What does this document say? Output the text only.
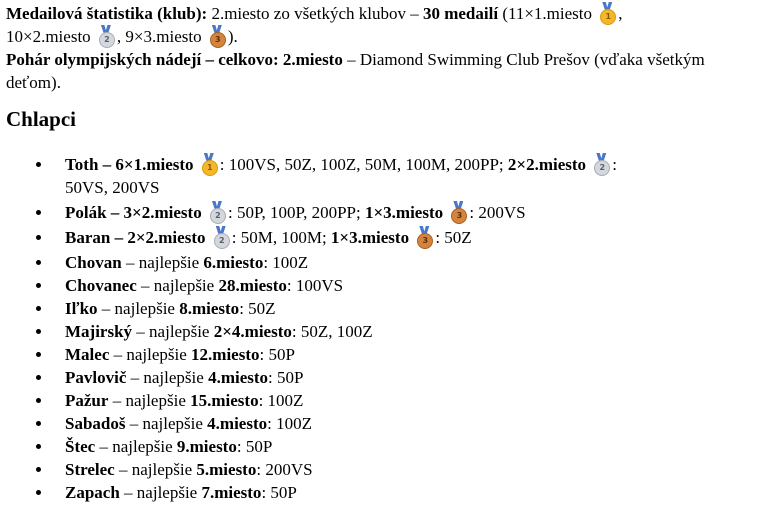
Medailová štatistika (klub): 2.miesto zo všetkých klubov – 30 medailí (11×1.miesto	1 ,
10×2.miesto	2 , 9×3.miesto	3 ).

Pohár olympijských nádejí – celkovo: 2.miesto – Diamond Swimming Club Prešov (vďaka všetkým deťom).

Chlapci
Toth – 6×1.miesto	1 : 100VS, 50Z, 100Z, 50M, 100M, 200PP; 2×2.miesto	2 :
50VS, 200VS
Polák – 3×2.miesto	2 : 50P, 100P, 200PP; 1×3.miesto	3 : 200VS
Baran – 2×2.miesto	2 : 50M, 100M; 1×3.miesto	3 : 50Z
Chovan – najlepšie 6.miesto: 100Z
Chovanec – najlepšie 28.miesto: 100VS
Iľko – najlepšie 8.miesto: 50Z
Majirský – najlepšie 2×4.miesto: 50Z, 100Z
Malec – najlepšie 12.miesto: 50P
Pavlovič – najlepšie 4.miesto: 50P
Pažur – najlepšie 15.miesto: 100Z
Sabadoš – najlepšie 4.miesto: 100Z
Štec – najlepšie 9.miesto: 50P
Strelec – najlepšie 5.miesto: 200VS
Zapach – najlepšie 7.miesto: 50P
